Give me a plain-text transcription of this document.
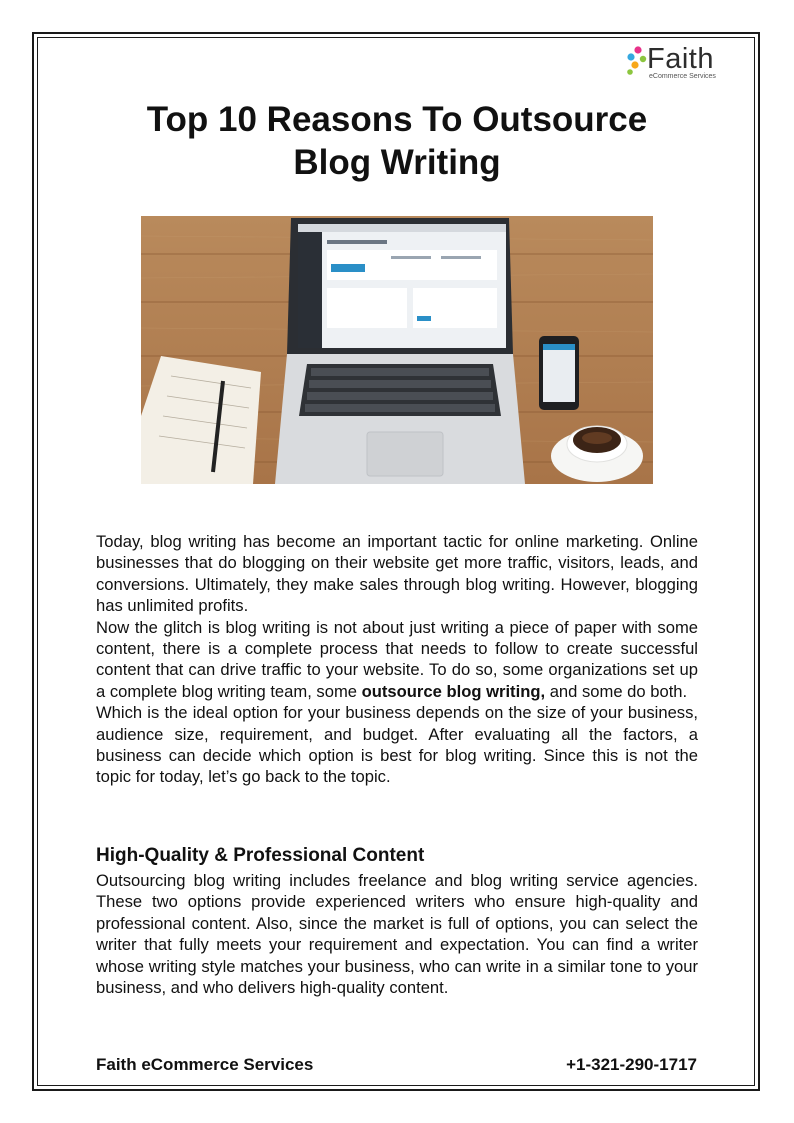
Faith
eCommerce Services
Top 10 Reasons To Outsource
Blog Writing

Today, blog writing has become an important tactic for online marketing. Online businesses that do blogging on their website get more traffic, visitors, leads, and conversions. Ultimately, they make sales through blog writing. However, blogging has unlimited profits.

Now the glitch is blog writing is not about just writing a piece of paper with some content, there is a complete process that needs to follow to create successful content that can drive traffic to your website. To do so, some organizations set up a complete blog writing team, some outsource blog writing, and some do both.

Which is the ideal option for your business depends on the size of your business, audience size, requirement, and budget. After evaluating all the factors, a business can decide which option is best for blog writing. Since this is not the topic for today, let’s go back to the topic.

High-Quality & Professional Content

Outsourcing blog writing includes freelance and blog writing service agencies. These two options provide experienced writers who ensure high-quality and professional content. Also, since the market is full of options, you can select the writer that fully meets your requirement and expectation. You can find a writer whose writing style matches your business, who can write in a similar tone to your business, and who delivers high-quality content.

Faith eCommerce Services	+1-321-290-1717
